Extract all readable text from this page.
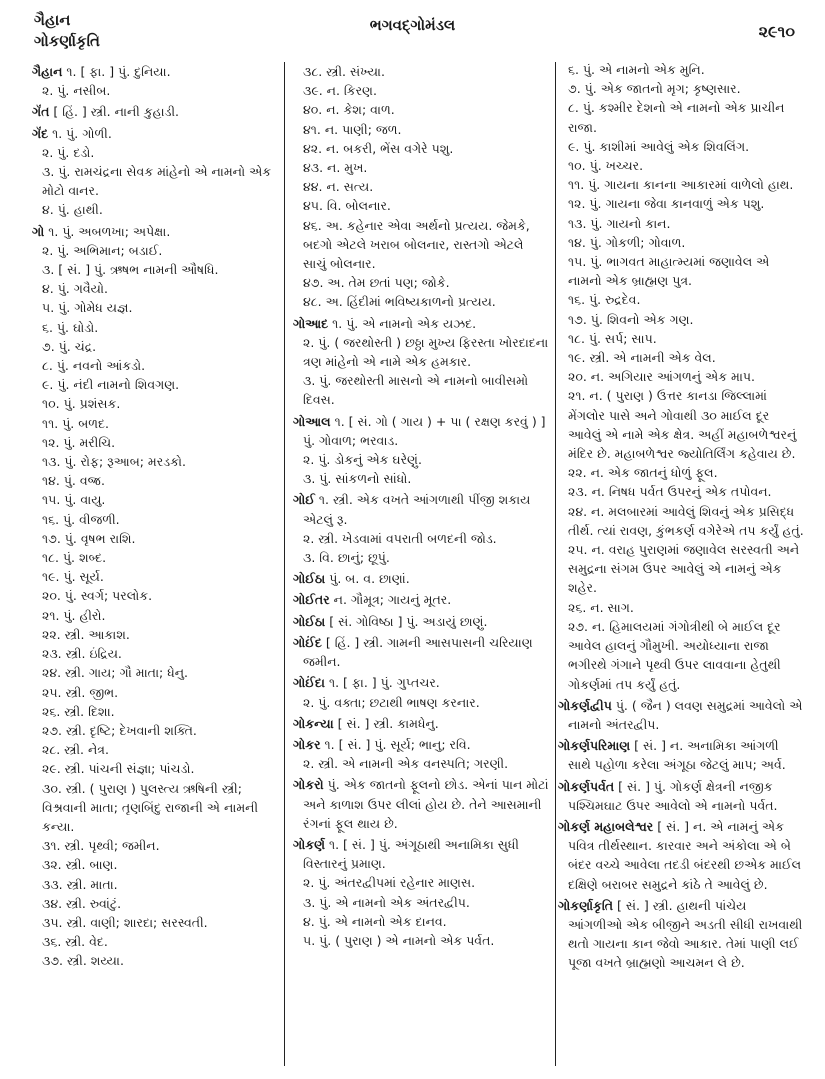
ગૈહાન
ગોકર્ણાકૃતિ
ભગવદ્ગોમંડલ	૨૯૧૦
ગૈહાન ૧. [ ફા. ] પું. દુનિયા.
૨. પું. નસીબ.
ગૅંત [ હિં. ] સ્ત્રી. નાની કુહાડી.
ગૅંદ ૧. પું. ગોળી.
૨. પું. દડો.
૩. પું. રામચંદ્રના સેવક માંહેનો એ નામનો એક મોટો વાનર.
૪. પું. હાથી.
ગો ૧. પું. અબળખા; અપેક્ષા.
૨. પું. અભિમાન; બડાઈ.
૩. [ સં. ] પું. ઋષભ નામની ઔષધિ.
૪. પું. ગવૈયો.
૫. પું. ગોમેધ યજ્ઞ.
૬. પું. ઘોડો.
૭. પું. ચંદ્ર.
૮. પું. નવનો આંકડો.
૯. પું. નંદી નામનો શિવગણ.
૧૦. પું. પ્રશંસક.
૧૧. પું. બળદ.
૧૨. પું. મરીચિ.
૧૩. પું. રોફ; રૂઆબ; મરડકો.
૧૪. પું. વજ્ર.
૧૫. પું. વાયુ.
૧૬. પું. વીજળી.
૧૭. પું. વૃષભ રાશિ.
૧૮. પું. શબ્દ.
૧૯. પું. સૂર્ય.
૨૦. પું. સ્વર્ગ; પરલોક.
૨૧. પું. હીરો.
૨૨. સ્ત્રી. આકાશ.
૨૩. સ્ત્રી. ઇંદ્રિય.
૨૪. સ્ત્રી. ગાય; ગૌ માતા; ધેનુ.
૨૫. સ્ત્રી. જીભ.
૨૬. સ્ત્રી. દિશા.
૨૭. સ્ત્રી. દૃષ્ટિ; દેખવાની શક્તિ.
૨૮. સ્ત્રી. નેત્ર.
૨૯. સ્ત્રી. પાંચની સંજ્ઞા; પાંચડો.
૩૦. સ્ત્રી. ( પુરાણ ) પુલસ્ત્ય ઋષિની સ્ત્રી; વિશ્રવાની માતા; તૃણબિંદુ રાજાની એ નામની કન્યા.
૩૧. સ્ત્રી. પૃથ્વી; જમીન.
૩૨. સ્ત્રી. બાણ.
૩૩. સ્ત્રી. માતા.
૩૪. સ્ત્રી. રુવાંટું.
૩૫. સ્ત્રી. વાણી; શારદા; સરસ્વતી.
૩૬. સ્ત્રી. વેદ.
૩૭. સ્ત્રી. શય્યા.
૩૮. સ્ત્રી. સંખ્યા.
૩૯. ન. કિરણ.
૪૦. ન. કેશ; વાળ.
૪૧. ન. પાણી; જળ.
૪૨. ન. બકરી, ભેંસ વગેરે પશુ.
૪૩. ન. મુખ.
૪૪. ન. સત્ય.
૪૫. વિ. બોલનાર.
૪૬. અ. કહેનાર એવા અર્થનો પ્રત્યય. જેમકે, બદગો એટલે ખરાબ બોલનાર, રાસ્તગો એટલે સાચું બોલનાર.
૪૭. અ. તેમ છતાં પણ; જોકે.
૪૮. અ. હિંદીમાં ભવિષ્યકાળનો પ્રત્યય.
ગોઆદ ૧. પું. એ નામનો એક યઝદ.
૨. પું. ( જરથોસ્તી ) છઠ્ઠા મુખ્ય ફિરસ્તા ખોરદાદના ત્રણ માંહેનો એ નામે એક હમકાર.
૩. પું. જરથોસ્તી માસનો એ નામનો બાવીસમો દિવસ.
ગોઆલ ૧. [ સં. ગો ( ગાય ) + પા ( રક્ષણ કરવું ) ] પું. ગોવાળ; ભરવાડ.
૨. પું. ડોકનું એક ઘરેણું.
૩. પું. સાંકળનો સાંધો.
ગોઈ ૧. સ્ત્રી. એક વખતે આંગળાથી પીંજી શકાય એટલું રૂ.
૨. સ્ત્રી. ખેડવામાં વપરાતી બળદની જોડ.
૩. વિ. છાનું; છૂપું.
ગોઈઠા પું. બ. વ. છાણાં.
ગોઈતર ન. ગૌમૂત્ર; ગાયનું મૂતર.
ગોઈઠા [ સં. ગોવિષ્ઠા ] પું. અડાયું છાણું.
ગોઈંદ [ હિં. ] સ્ત્રી. ગામની આસપાસની ચરિયાણ જમીન.
ગોઈંદા ૧. [ ફા. ] પું. ગુપ્તચર.
૨. પું. વક્તા; છટાથી ભાષણ કરનાર.
ગોકન્યા [ સં. ] સ્ત્રી. કામધેનુ.
ગોકર ૧. [ સં. ] પું. સૂર્ય; ભાનુ; રવિ.
૨. સ્ત્રી. એ નામની એક વનસ્પતિ; ગરણી.
ગોકરો પું. એક જાતનો ફૂલનો છોડ. એનાં પાન મોટાં અને કાળાશ ઉપર લીલાં હોય છે. તેને આસમાની રંગનાં ફૂલ થાય છે.
ગોકર્ણ ૧. [ સં. ] પું. અંગૂઠાથી અનામિકા સુધી વિસ્તારનું પ્રમાણ.
૨. પું. અંતરદ્વીપમાં રહેનાર માણસ.
૩. પું. એ નામનો એક અંતરદ્વીપ.
૪. પું. એ નામનો એક દાનવ.
૫. પું. ( પુરાણ ) એ નામનો એક પર્વત.
૬. પું. એ નામનો એક મુનિ.
૭. પું. એક જાતનો મૃગ; કૃષ્ણસાર.
૮. પું. કશ્મીર દેશનો એ નામનો એક પ્રાચીન રાજા.
૯. પું. કાશીમાં આવેલું એક શિવલિંગ.
૧૦. પું. ખચ્ચર.
૧૧. પું. ગાયના કાનના આકારમાં વાળેલો હાથ.
૧૨. પું. ગાયના જેવા કાનવાળું એક પશુ.
૧૩. પું. ગાયનો કાન.
૧૪. પું. ગોકળી; ગોવાળ.
૧૫. પું. ભાગવત માહાત્મ્યમાં જણાવેલ એ નામનો એક બ્રાહ્મણ પુત્ર.
૧૬. પું. રુદ્રદેવ.
૧૭. પું. શિવનો એક ગણ.
૧૮. પું. સર્પ; સાપ.
૧૯. સ્ત્રી. એ નામની એક વેલ.
૨૦. ન. અગિયાર આંગળનું એક માપ.
૨૧. ન. ( પુરાણ ) ઉત્તર કાનડા જિલ્લામાં મેંગલોર પાસે અને ગોવાથી ૩૦ માઈલ દૂર આવેલું એ નામે એક ક્ષેત્ર. અહીં મહાબળેશ્વરનું મંદિર છે. મહાબળેશ્વર જ્યોતિર્લિંગ કહેવાય છે.
૨૨. ન. એક જાતનું ધોળું ફૂલ.
૨૩. ન. નિષધ પર્વત ઉપરનું એક તપોવન.
૨૪. ન. મલબારમાં આવેલું શિવનું એક પ્રસિદ્ધ તીર્થ. ત્યાં રાવણ, કુંભકર્ણ વગેરેએ તપ કર્યું હતું.
૨૫. ન. વરાહ પુરાણમાં જણાવેલ સરસ્વતી અને સમુદ્રના સંગમ ઉપર આવેલું એ નામનું એક શહેર.
૨૬. ન. સાગ.
૨૭. ન. હિમાલયમાં ગંગોત્રીથી બે માઈલ દૂર આવેલ હાલનું ગૌમુખી. અયોધ્યાના રાજા ભગીરથે ગંગાને પૃથ્વી ઉપર લાવવાના હેતુથી ગોકર્ણમાં તપ કર્યું હતું.
ગોકર્ણદ્વીપ પું. ( જૈન ) લવણ સમુદ્રમાં આવેલો એ નામનો અંતરદ્વીપ.
ગોકર્ણપરિમાણ [ સં. ] ન. અનામિકા આંગળી સાથે પહોળા કરેલા અંગૂઠા જેટલું માપ; અર્વ.
ગોકર્ણપર્વત [ સં. ] પું. ગોકર્ણ ક્ષેત્રની નજીક પશ્ચિમઘાટ ઉપર આવેલો એ નામનો પર્વત.
ગોકર્ણ મહાબલેશ્વર [ સં. ] ન. એ નામનું એક પવિત્ર તીર્થસ્થાન. કારવાર અને અંકોલા એ બે બંદર વચ્ચે આવેલા તદડી બંદરથી છએક માઈલ દક્ષિણે બરાબર સમુદ્રને કાંઠે તે આવેલું છે.
ગોકર્ણાકૃતિ [ સં. ] સ્ત્રી. હાથની પાંચેય આંગળીઓ એક બીજીને અડતી સીધી રાખવાથી થતો ગાયના કાન જેવો આકાર. તેમાં પાણી લઈ પૂજા વખતે બ્રાહ્મણો આચમન લે છે.
